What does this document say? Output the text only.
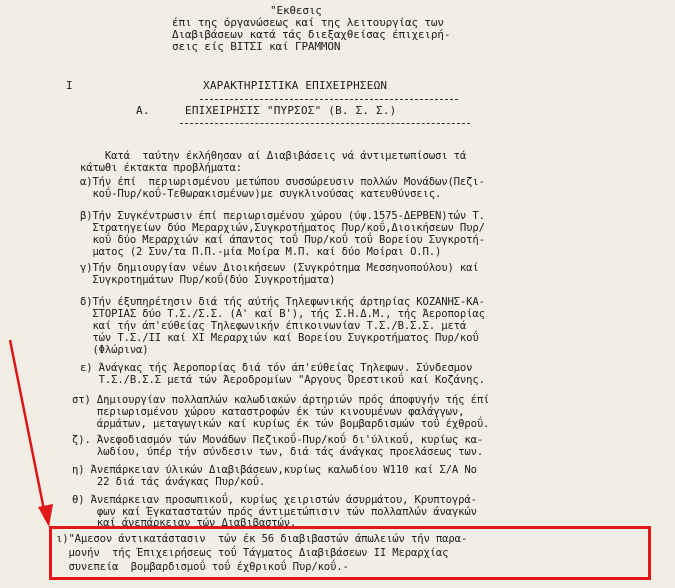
"Εκθεσις
έπι της όργανώσεως καί της λειτουργίας των
Διαβιβάσεων κατά τάς διεξαχθείσας έπιχειρή-
σεις είς ΒΙΤΣΙ καί ΓΡΑΜΜΟΝ
I	ΧΑΡΑΚΤΗΡΙΣΤΙΚΑ ΕΠΙΧΕΙΡΗΣΕΩΝ
Α.	ΕΠΙΧΕΙΡΗΣΙΣ "ΠΥΡΣΟΣ" (Β. Σ. Σ.)
Κατά  ταύτην έκλήθησαν αί Διαβιβάσεις νά άντιμετωπίσωσι τά
κάτωθι έκτακτα προβλήματα:
α)Τήν έπί  περιωρισμένου μετώπου συσσώρευσιν πολλών Μονάδων(Πεζι-
κοΰ-Πυρ/κοΰ-Τεθωρακισμένων)με συγκλινούσας κατευθύνσεις.
β)Τήν Συγκέντρωσιν έπί περιωρισμένου χώρου (ύψ.1575-ΔΕΡΒΕΝ)τών Τ.
Στρατηγείων δύο Μεραρχιών,Συγκροτήματος Πυρ/κοΰ,Διοικήσεων Πυρ/
κοΰ δύο Μεραρχιών καί άπαντος τοΰ Πυρ/κοΰ τοΰ Βορείου Συγκροτή-
ματος (2 Συν/τα Π.Π.-μία Μοίρα Μ.Π. καί δύο Μοίραι Ο.Π.)
γ)Τήν δημιουργίαν νέων Διοικήσεων (Συγκρότημα Μεσσηνοπούλου) καί
Συγκροτημάτων Πυρ/κοΰ(δύο Συγκροτήματα)
δ)Τήν έξυπηρέτησιν διά τής αύτής Τηλεφωνικής άρτηρίας ΚΟΖΑΝΗΣ-ΚΑ-
ΣΤΟΡΙΑΣ δύο Τ.Σ./Σ.Σ. (Α' καί Β'), τής Σ.Η.Δ.Μ., τής Άεροπορίας
καί τήν άπ'εύθείας Τηλεφωνικήν έπικοινωνίαν Τ.Σ./Β.Σ.Σ. μετά
τών Τ.Σ./ΙΙ καί ΧΙ Μεραρχιών καί Βορείου Συγκροτήματος Πυρ/κοΰ
(Φλώρινα)
ε) Άνάγκας τής Άεροπορίας διά τόν άπ'εύθείας Τηλεφων. Σύνδεσμον
Τ.Σ./Β.Σ.Σ μετά τών Άεροδρομίων "Αργους Όρεστικοΰ καί Κοζάνης.
στ) Δημιουργίαν πολλαπλών καλωδιακών άρτηριών πρός άποφυγήν τής έπί
περιωρισμένου χώρου καταστροφών έκ τών κινουμένων φαλάγγων,
άρμάτων, μεταγωγικών καί κυρίως έκ τών βομβαρδισμών τοΰ έχθροΰ.
ζ). Άνεφοδιασμόν τών Μονάδων Πεζικοΰ-Πυρ/κοΰ δι'ύλικοΰ, κυρίως κα-
λωδίου, ύπέρ τήν σύνδεσιν των, διά τάς άνάγκας προελάσεως των.
η) Άνεπάρκειαν ύλικών Διαβιβάσεων,κυρίως καλωδίου W110 καί Σ/Α Νο
22 διά τάς άνάγκας Πυρ/κοΰ.
θ) Άνεπάρκειαν προσωπικοΰ, κυρίως χειριστών άσυρμάτου, Κρυπτογρά-
φων καί Έγκαταστατών πρός άντιμετώπισιν τών πολλαπλών άναγκών
καί άνεπάρκειαν τών Διαβιβαστών.
ι)"Αμεσον άντικατάστασιν  τών έκ 56 διαβιβαστών άπωλειών τήν παρα-
μονήν  τής Έπιχειρήσεως τοΰ Τάγματος Διαβιβάσεων ΙΙ Μεραρχίας
συνεπεία  βομβαρδισμοΰ τοΰ έχθρικοΰ Πυρ/κοΰ.-
